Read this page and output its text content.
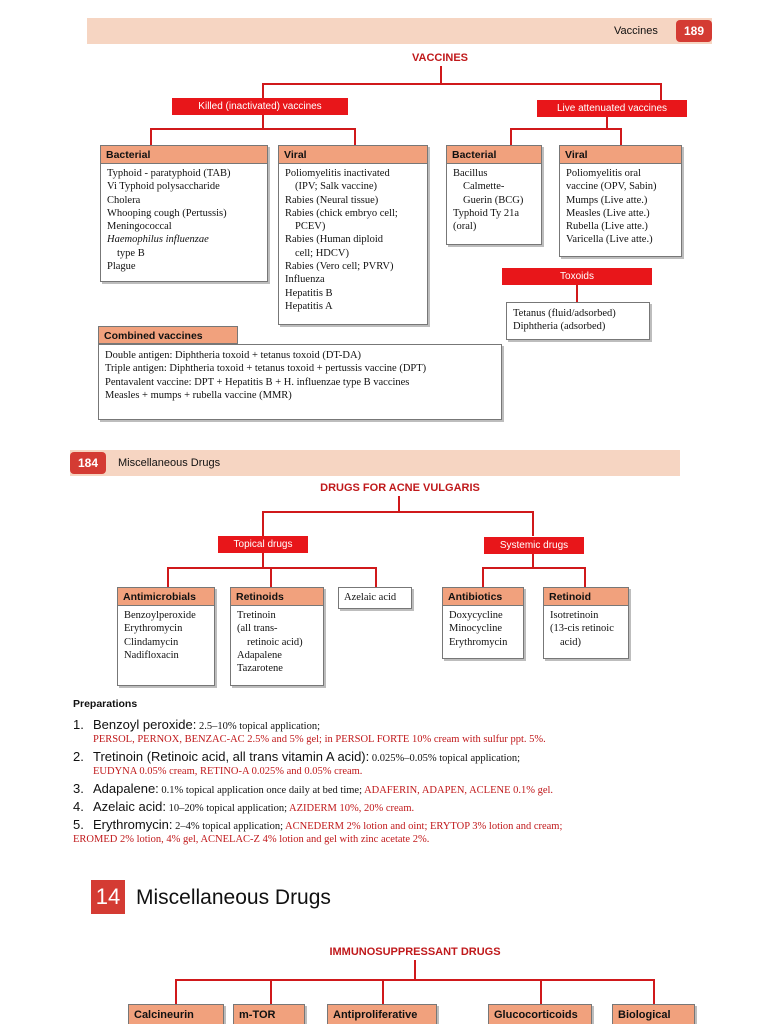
Vaccines	189
VACCINES
Killed (inactivated) vaccines	Live attenuated vaccines
Bacterial
Typhoid - paratyphoid (TAB)
Vi Typhoid polysaccharide
Cholera
Whooping cough (Pertussis)
Meningococcal
Haemophilus influenzae
type B
Plague
Viral
Poliomyelitis inactivated
(IPV; Salk vaccine)
Rabies (Neural tissue)
Rabies (chick embryo cell;
PCEV)
Rabies (Human diploid
cell; HDCV)
Rabies (Vero cell; PVRV)
Influenza
Hepatitis B
Hepatitis A
Bacterial
Bacillus
Calmette-
Guerin (BCG)
Typhoid Ty 21a
(oral)
Viral
Poliomyelitis oral
vaccine (OPV, Sabin)
Mumps (Live atte.)
Measles (Live atte.)
Rubella (Live atte.)
Varicella (Live atte.)
Toxoids
Tetanus (fluid/adsorbed)
Diphtheria (adsorbed)
Combined vaccines
Double antigen: Diphtheria toxoid + tetanus toxoid (DT-DA)
Triple antigen: Diphtheria toxoid + tetanus toxoid + pertussis vaccine (DPT)
Pentavalent vaccine: DPT + Hepatitis B + H. influenzae type B vaccines
Measles + mumps + rubella vaccine (MMR)
184	Miscellaneous Drugs
DRUGS FOR ACNE VULGARIS
Topical drugs	Systemic drugs
Antimicrobials
Benzoylperoxide
Erythromycin
Clindamycin
Nadifloxacin
Retinoids
Tretinoin
(all trans-
retinoic acid)
Adapalene
Tazarotene
Azelaic acid	Antibiotics
Doxycycline
Minocycline
Erythromycin
Retinoid
Isotretinoin
(13-cis retinoic
acid)
Preparations
1. Benzoyl peroxide: 2.5–10% topical application;
PERSOL, PERNOX, BENZAC-AC 2.5% and 5% gel; in PERSOL FORTE 10% cream with sulfur ppt. 5%.
2. Tretinoin (Retinoic acid, all trans vitamin A acid): 0.025%–0.05% topical application;
EUDYNA 0.05% cream, RETINO-A 0.025% and 0.05% cream.
3. Adapalene: 0.1% topical application once daily at bed time; ADAFERIN, ADAPEN, ACLENE 0.1% gel.
4. Azelaic acid: 10–20% topical application; AZIDERM 10%, 20% cream.
5. Erythromycin: 2–4% topical application; ACNEDERM 2% lotion and oint; ERYTOP 3% lotion and cream;
EROMED 2% lotion, 4% gel, ACNELAC-Z 4% lotion and gel with zinc acetate 2%.
14 Miscellaneous Drugs
IMMUNOSUPPRESSANT DRUGS
Calcineurin	m-TOR	Antiproliferative	Glucocorticoids	Biological
